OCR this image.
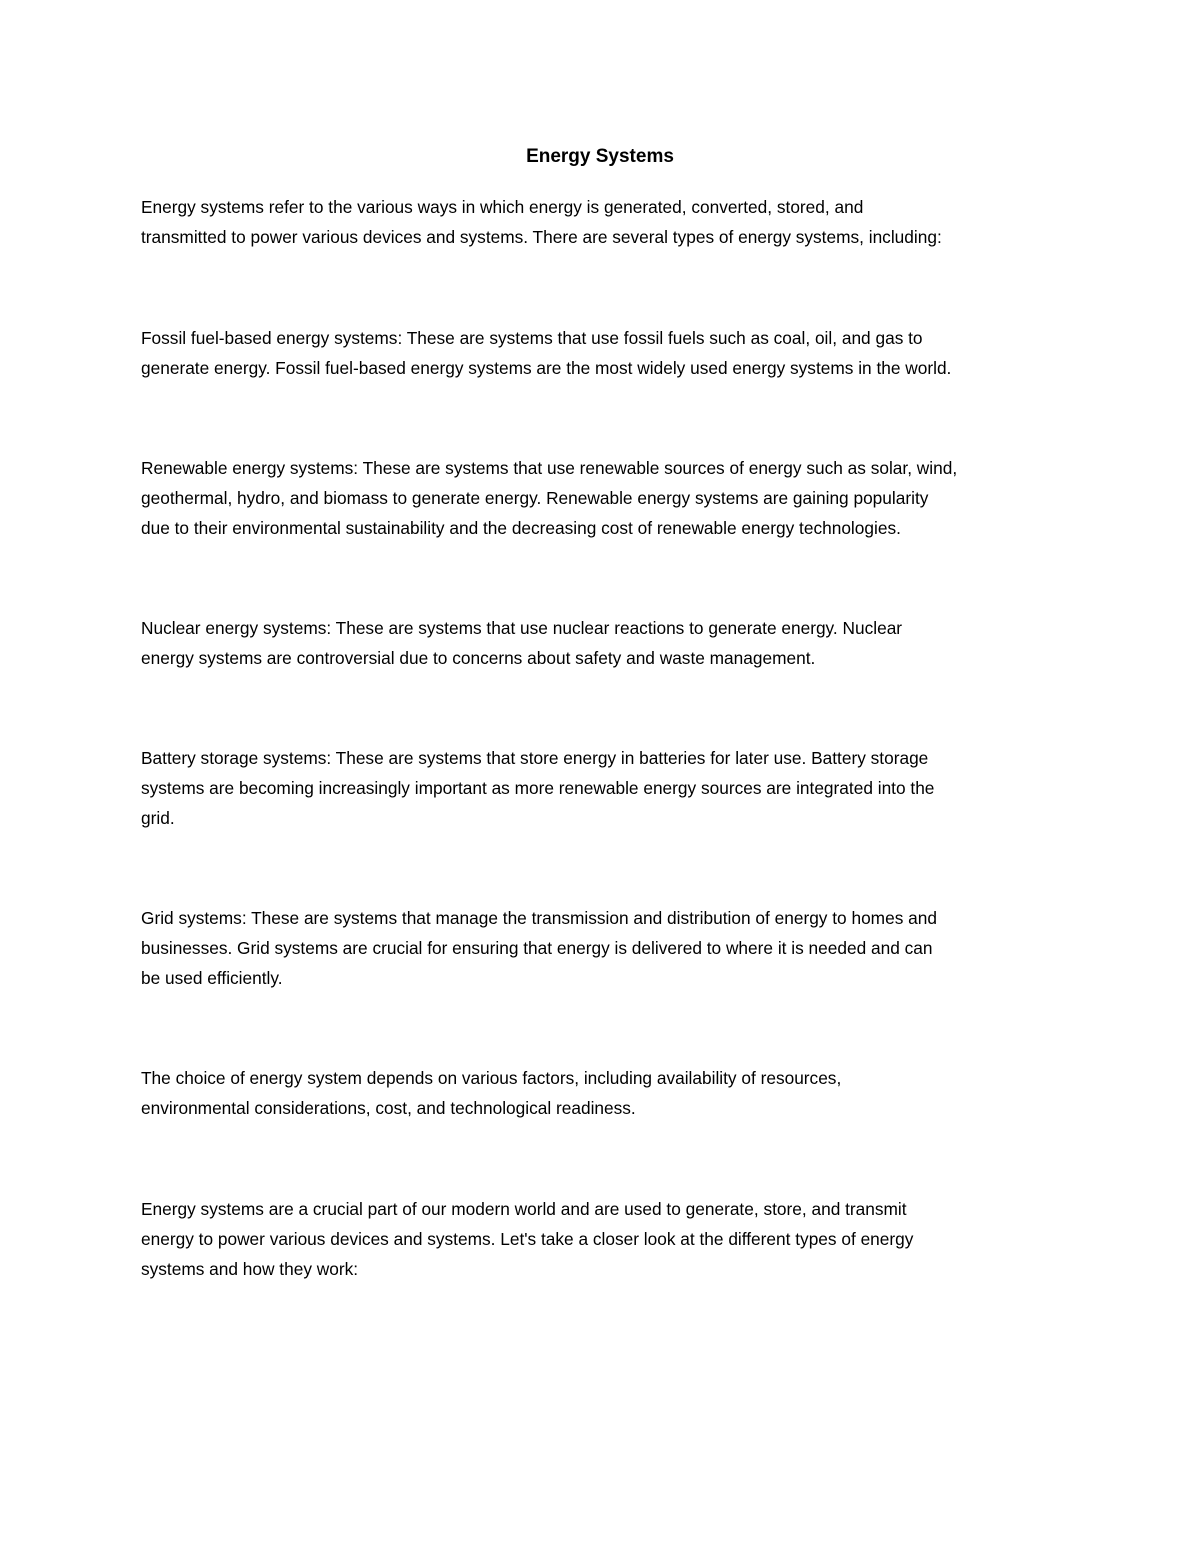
Energy Systems

Energy systems refer to the various ways in which energy is generated, converted, stored, and
transmitted to power various devices and systems. There are several types of energy systems, including:

Fossil fuel-based energy systems: These are systems that use fossil fuels such as coal, oil, and gas to
generate energy. Fossil fuel-based energy systems are the most widely used energy systems in the world.

Renewable energy systems: These are systems that use renewable sources of energy such as solar, wind,
geothermal, hydro, and biomass to generate energy. Renewable energy systems are gaining popularity
due to their environmental sustainability and the decreasing cost of renewable energy technologies.

Nuclear energy systems: These are systems that use nuclear reactions to generate energy. Nuclear
energy systems are controversial due to concerns about safety and waste management.

Battery storage systems: These are systems that store energy in batteries for later use. Battery storage
systems are becoming increasingly important as more renewable energy sources are integrated into the
grid.

Grid systems: These are systems that manage the transmission and distribution of energy to homes and
businesses. Grid systems are crucial for ensuring that energy is delivered to where it is needed and can
be used efficiently.

The choice of energy system depends on various factors, including availability of resources,
environmental considerations, cost, and technological readiness.

Energy systems are a crucial part of our modern world and are used to generate, store, and transmit
energy to power various devices and systems. Let's take a closer look at the different types of energy
systems and how they work:
